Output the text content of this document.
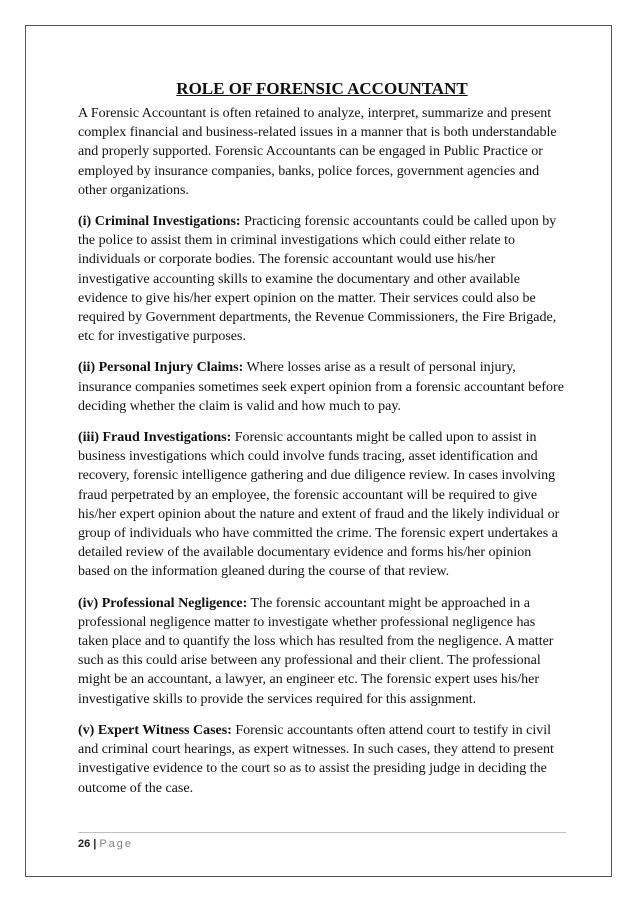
ROLE OF FORENSIC ACCOUNTANT

A Forensic Accountant is often retained to analyze, interpret, summarize and present complex financial and business-related issues in a manner that is both understandable and properly supported. Forensic Accountants can be engaged in Public Practice or employed by insurance companies, banks, police forces, government agencies and other organizations.

(i) Criminal Investigations: Practicing forensic accountants could be called upon by the police to assist them in criminal investigations which could either relate to individuals or corporate bodies. The forensic accountant would use his/her investigative accounting skills to examine the documentary and other available evidence to give his/her expert opinion on the matter. Their services could also be required by Government departments, the Revenue Commissioners, the Fire Brigade, etc for investigative purposes.

(ii) Personal Injury Claims: Where losses arise as a result of personal injury, insurance companies sometimes seek expert opinion from a forensic accountant before deciding whether the claim is valid and how much to pay.

(iii) Fraud Investigations: Forensic accountants might be called upon to assist in business investigations which could involve funds tracing, asset identification and recovery, forensic intelligence gathering and due diligence review. In cases involving fraud perpetrated by an employee, the forensic accountant will be required to give his/her expert opinion about the nature and extent of fraud and the likely individual or group of individuals who have committed the crime. The forensic expert undertakes a detailed review of the available documentary evidence and forms his/her opinion based on the information gleaned during the course of that review.

(iv) Professional Negligence: The forensic accountant might be approached in a professional negligence matter to investigate whether professional negligence has taken place and to quantify the loss which has resulted from the negligence. A matter such as this could arise between any professional and their client. The professional might be an accountant, a lawyer, an engineer etc. The forensic expert uses his/her investigative skills to provide the services required for this assignment.

(v) Expert Witness Cases: Forensic accountants often attend court to testify in civil and criminal court hearings, as expert witnesses. In such cases, they attend to present investigative evidence to the court so as to assist the presiding judge in deciding the outcome of the case.

26 | Page
